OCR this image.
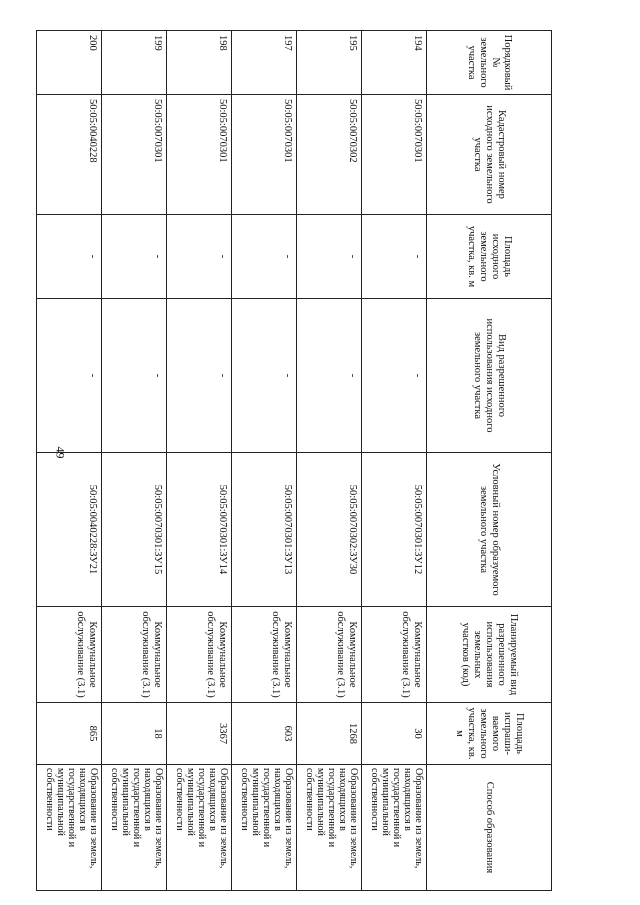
49
Порядковый № земельного участка	Кадастровый номер исходного земельного участка	Площадь исходного земельного участка, кв. м	Вид разрешенного использования исходного земельного участка	Условный номер образуемого земельного участка	Планируемый вид разрешенного использования земельных участков (код)	Площадь испраши-ваемого земельного участка, кв. м	Способ образования
194	50:05:0070301	-	-	50:05:0070301:ЗУ12	Коммунальное обслуживание (3.1)	30	Образование из земель, находящихся в государственной и муниципальной собственности
195	50:05:0070302	-	-	50:05:0070302:ЗУ30	Коммунальное обслуживание (3.1)	1268	Образование из земель, находящихся в государственной и муниципальной собственности
197	50:05:0070301	-	-	50:05:0070301:ЗУ13	Коммунальное обслуживание (3.1)	603	Образование из земель, находящихся в государственной и муниципальной собственности
198	50:05:0070301	-	-	50:05:0070301:ЗУ14	Коммунальное обслуживание (3.1)	3367	Образование из земель, находящихся в государственной и муниципальной собственности
199	50:05:0070301	-	-	50:05:0070301:ЗУ15	Коммунальное обслуживание (3.1)	18	Образование из земель, находящихся в государственной и муниципальной собственности
200	50:05:0040228	-	-	50:05:0040228:ЗУ21	Коммунальное обслуживание (3.1)	865	Образование из земель, находящихся в государственной и муниципальной собственности
